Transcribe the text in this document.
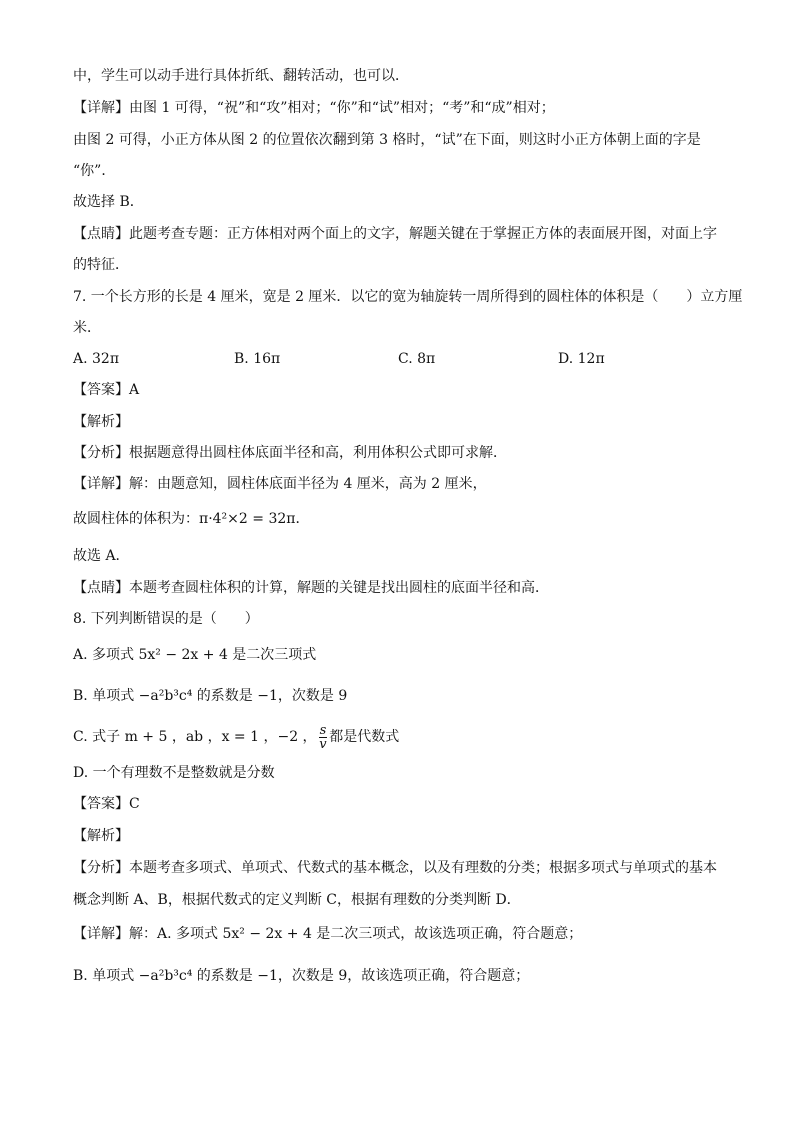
中，学生可以动手进行具体折纸、翻转活动，也可以．
【详解】由图 1 可得，“祝”和“攻”相对；“你”和“试”相对；“考”和“成”相对；
由图 2 可得，小正方体从图 2 的位置依次翻到第 3 格时，“试”在下面，则这时小正方体朝上面的字是
“你”．
故选择 B．
【点睛】此题考查专题：正方体相对两个面上的文字，解题关键在于掌握正方体的表面展开图，对面上字
的特征．
7. 一个长方形的长是 4 厘米，宽是 2 厘米．以它的宽为轴旋转一周所得到的圆柱体的体积是（　　）立方厘
米．
A. 32π	B. 16π	C. 8π	D. 12π
【答案】A
【解析】
【分析】根据题意得出圆柱体底面半径和高，利用体积公式即可求解．
【详解】解：由题意知，圆柱体底面半径为 4 厘米，高为 2 厘米，
故圆柱体的体积为：π·4²×2 = 32π．
故选 A．
【点睛】本题考查圆柱体积的计算，解题的关键是找出圆柱的底面半径和高．
8. 下列判断错误的是（　　）
A. 多项式 5x² − 2x + 4 是二次三项式
B. 单项式 −a²b³c⁴ 的系数是 −1，次数是 9
C. 式子 m + 5 ，ab ，x = 1 ，−2 ， $\frac{s}{v}$ 都是代数式
D. 一个有理数不是整数就是分数
【答案】C
【解析】
【分析】本题考查多项式、单项式、代数式的基本概念，以及有理数的分类；根据多项式与单项式的基本
概念判断 A、B，根据代数式的定义判断 C，根据有理数的分类判断 D．
【详解】解：A. 多项式 5x² − 2x + 4 是二次三项式，故该选项正确，符合题意；
B. 单项式 −a²b³c⁴ 的系数是 −1，次数是 9，故该选项正确，符合题意；
